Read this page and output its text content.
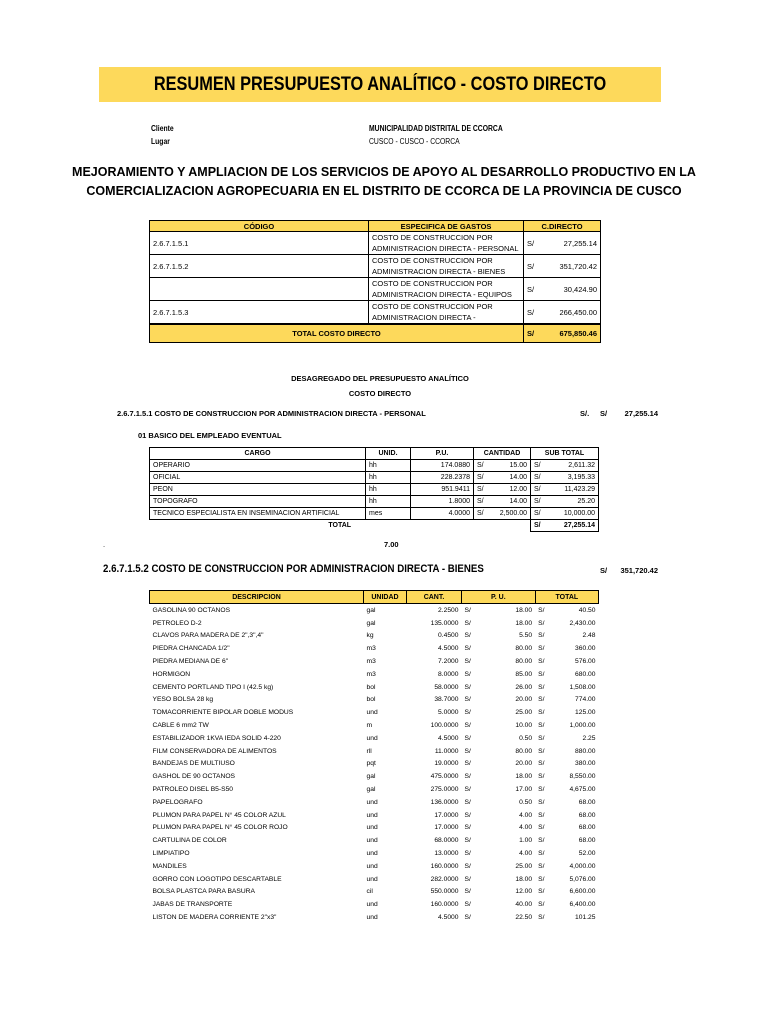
RESUMEN PRESUPUESTO ANALÍTICO - COSTO DIRECTO
Cliente	MUNICIPALIDAD DISTRITAL DE CCORCA
Lugar	CUSCO - CUSCO - CCORCA
MEJORAMIENTO Y AMPLIACION DE LOS SERVICIOS DE APOYO AL DESARROLLO PRODUCTIVO EN LA
COMERCIALIZACION AGROPECUARIA EN EL DISTRITO DE CCORCA DE LA PROVINCIA DE CUSCO
CÓDIGO	ESPECIFICA DE GASTOS	C.DIRECTO	
2.6.7.1.5.1	COSTO DE CONSTRUCCION POR
ADMINISTRACION DIRECTA - PERSONAL	S/	27,255.14
2.6.7.1.5.2	COSTO DE CONSTRUCCION POR
ADMINISTRACION DIRECTA - BIENES	S/	351,720.42

	COSTO DE CONSTRUCCION POR
ADMINISTRACION DIRECTA - EQUIPOS	S/	30,424.90
2.6.7.1.5.3	COSTO DE CONSTRUCCION POR
ADMINISTRACION DIRECTA -	S/	266,450.00
TOTAL COSTO DIRECTO		S/	675,850.46
DESAGREGADO DEL PRESUPUESTO ANALÍTICO
COSTO DIRECTO
2.6.7.1.5.1 COSTO DE CONSTRUCCION POR ADMINISTRACION DIRECTA - PERSONAL	S/. S/	27,255.14
01 BASICO DEL EMPLEADO EVENTUAL
CARGO	UNID.	P.U.	CANTIDAD		SUB TOTAL	
OPERARIO	hh	174.0880	S/	15.00	S/	2,611.32
OFICIAL	hh	228.2378	S/	14.00	S/	3,195.33
PEON	hh	951.9411	S/	12.00	S/	11,423.29
TOPOGRAFO	hh	1.8000	S/	14.00	S/	25.20
TECNICO ESPECIALISTA EN INSEMINACION ARTIFICIAL	mes	4.0000	S/	2,500.00	S/	10,000.00
TOTAL					S/	27,255.14
.	7.00
2.6.7.1.5.2 COSTO DE CONSTRUCCION POR ADMINISTRACION DIRECTA - BIENES	S/	351,720.42
DESCRIPCION	UNIDAD	CANT.	P. U.		TOTAL	
GASOLINA 90 OCTANOS	gal	2.2500	S/	18.00	S/	40.50
PETROLEO D-2	gal	135.0000	S/	18.00	S/	2,430.00
CLAVOS PARA MADERA DE 2",3",4"	kg	0.4500	S/	5.50	S/	2.48
PIEDRA CHANCADA 1/2"	m3	4.5000	S/	80.00	S/	360.00
PIEDRA MEDIANA DE 6"	m3	7.2000	S/	80.00	S/	576.00
HORMIGON	m3	8.0000	S/	85.00	S/	680.00
CEMENTO PORTLAND TIPO I (42.5 kg)	bol	58.0000	S/	26.00	S/	1,508.00
YESO BOLSA 28 kg	bol	38.7000	S/	20.00	S/	774.00
TOMACORRIENTE BIPOLAR DOBLE MODUS	und	5.0000	S/	25.00	S/	125.00
CABLE 6 mm2 TW	m	100.0000	S/	10.00	S/	1,000.00
ESTABILIZADOR 1KVA IEDA SOLID 4-220	und	4.5000	S/	0.50	S/	2.25
FILM CONSERVADORA DE ALIMENTOS	rll	11.0000	S/	80.00	S/	880.00
BANDEJAS DE MULTIUSO	pqt	19.0000	S/	20.00	S/	380.00
GASHOL DE 90 OCTANOS	gal	475.0000	S/	18.00	S/	8,550.00
PATROLEO DISEL B5-S50	gal	275.0000	S/	17.00	S/	4,675.00
PAPELOGRAFO	und	136.0000	S/	0.50	S/	68.00
PLUMON PARA PAPEL N° 45 COLOR AZUL	und	17.0000	S/	4.00	S/	68.00
PLUMON PARA PAPEL N° 45 COLOR ROJO	und	17.0000	S/	4.00	S/	68.00
CARTULINA DE COLOR	und	68.0000	S/	1.00	S/	68.00
LIMPIATIPO	und	13.0000	S/	4.00	S/	52.00
MANDILES	und	160.0000	S/	25.00	S/	4,000.00
GORRO CON LOGOTIPO DESCARTABLE	und	282.0000	S/	18.00	S/	5,076.00
BOLSA PLASTCA PARA BASURA	cil	550.0000	S/	12.00	S/	6,600.00
JABAS DE TRANSPORTE	und	160.0000	S/	40.00	S/	6,400.00
LISTON DE MADERA CORRIENTE 2"x3"	und	4.5000	S/	22.50	S/	101.25
